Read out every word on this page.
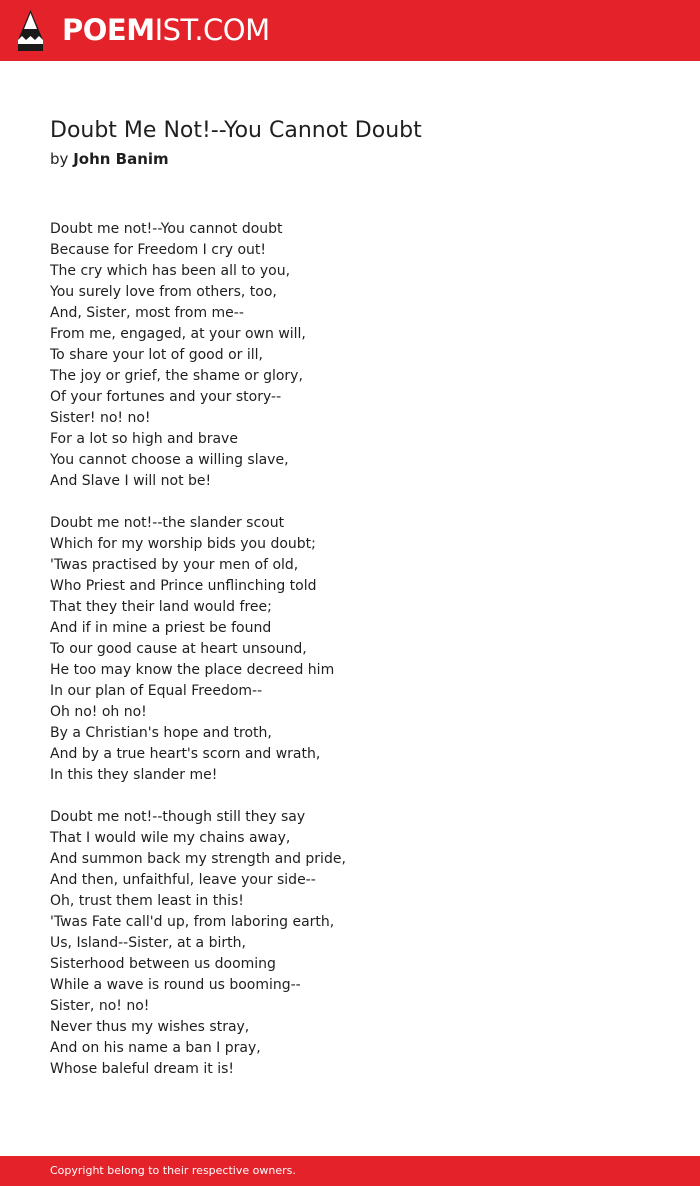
POEMIST.COM
Doubt Me Not!--You Cannot Doubt
by John Banim
Doubt me not!--You cannot doubt
Because for Freedom I cry out!
The cry which has been all to you,
You surely love from others, too,
And, Sister, most from me--
From me, engaged, at your own will,
To share your lot of good or ill,
The joy or grief, the shame or glory,
Of your fortunes and your story--
Sister! no! no!
For a lot so high and brave
You cannot choose a willing slave,
And Slave I will not be!
Doubt me not!--the slander scout
Which for my worship bids you doubt;
'Twas practised by your men of old,
Who Priest and Prince unflinching told
That they their land would free;
And if in mine a priest be found
To our good cause at heart unsound,
He too may know the place decreed him
In our plan of Equal Freedom--
Oh no! oh no!
By a Christian's hope and troth,
And by a true heart's scorn and wrath,
In this they slander me!
Doubt me not!--though still they say
That I would wile my chains away,
And summon back my strength and pride,
And then, unfaithful, leave your side--
Oh, trust them least in this!
'Twas Fate call'd up, from laboring earth,
Us, Island--Sister, at a birth,
Sisterhood between us dooming
While a wave is round us booming--
Sister, no! no!
Never thus my wishes stray,
And on his name a ban I pray,
Whose baleful dream it is!
Copyright belong to their respective owners.
